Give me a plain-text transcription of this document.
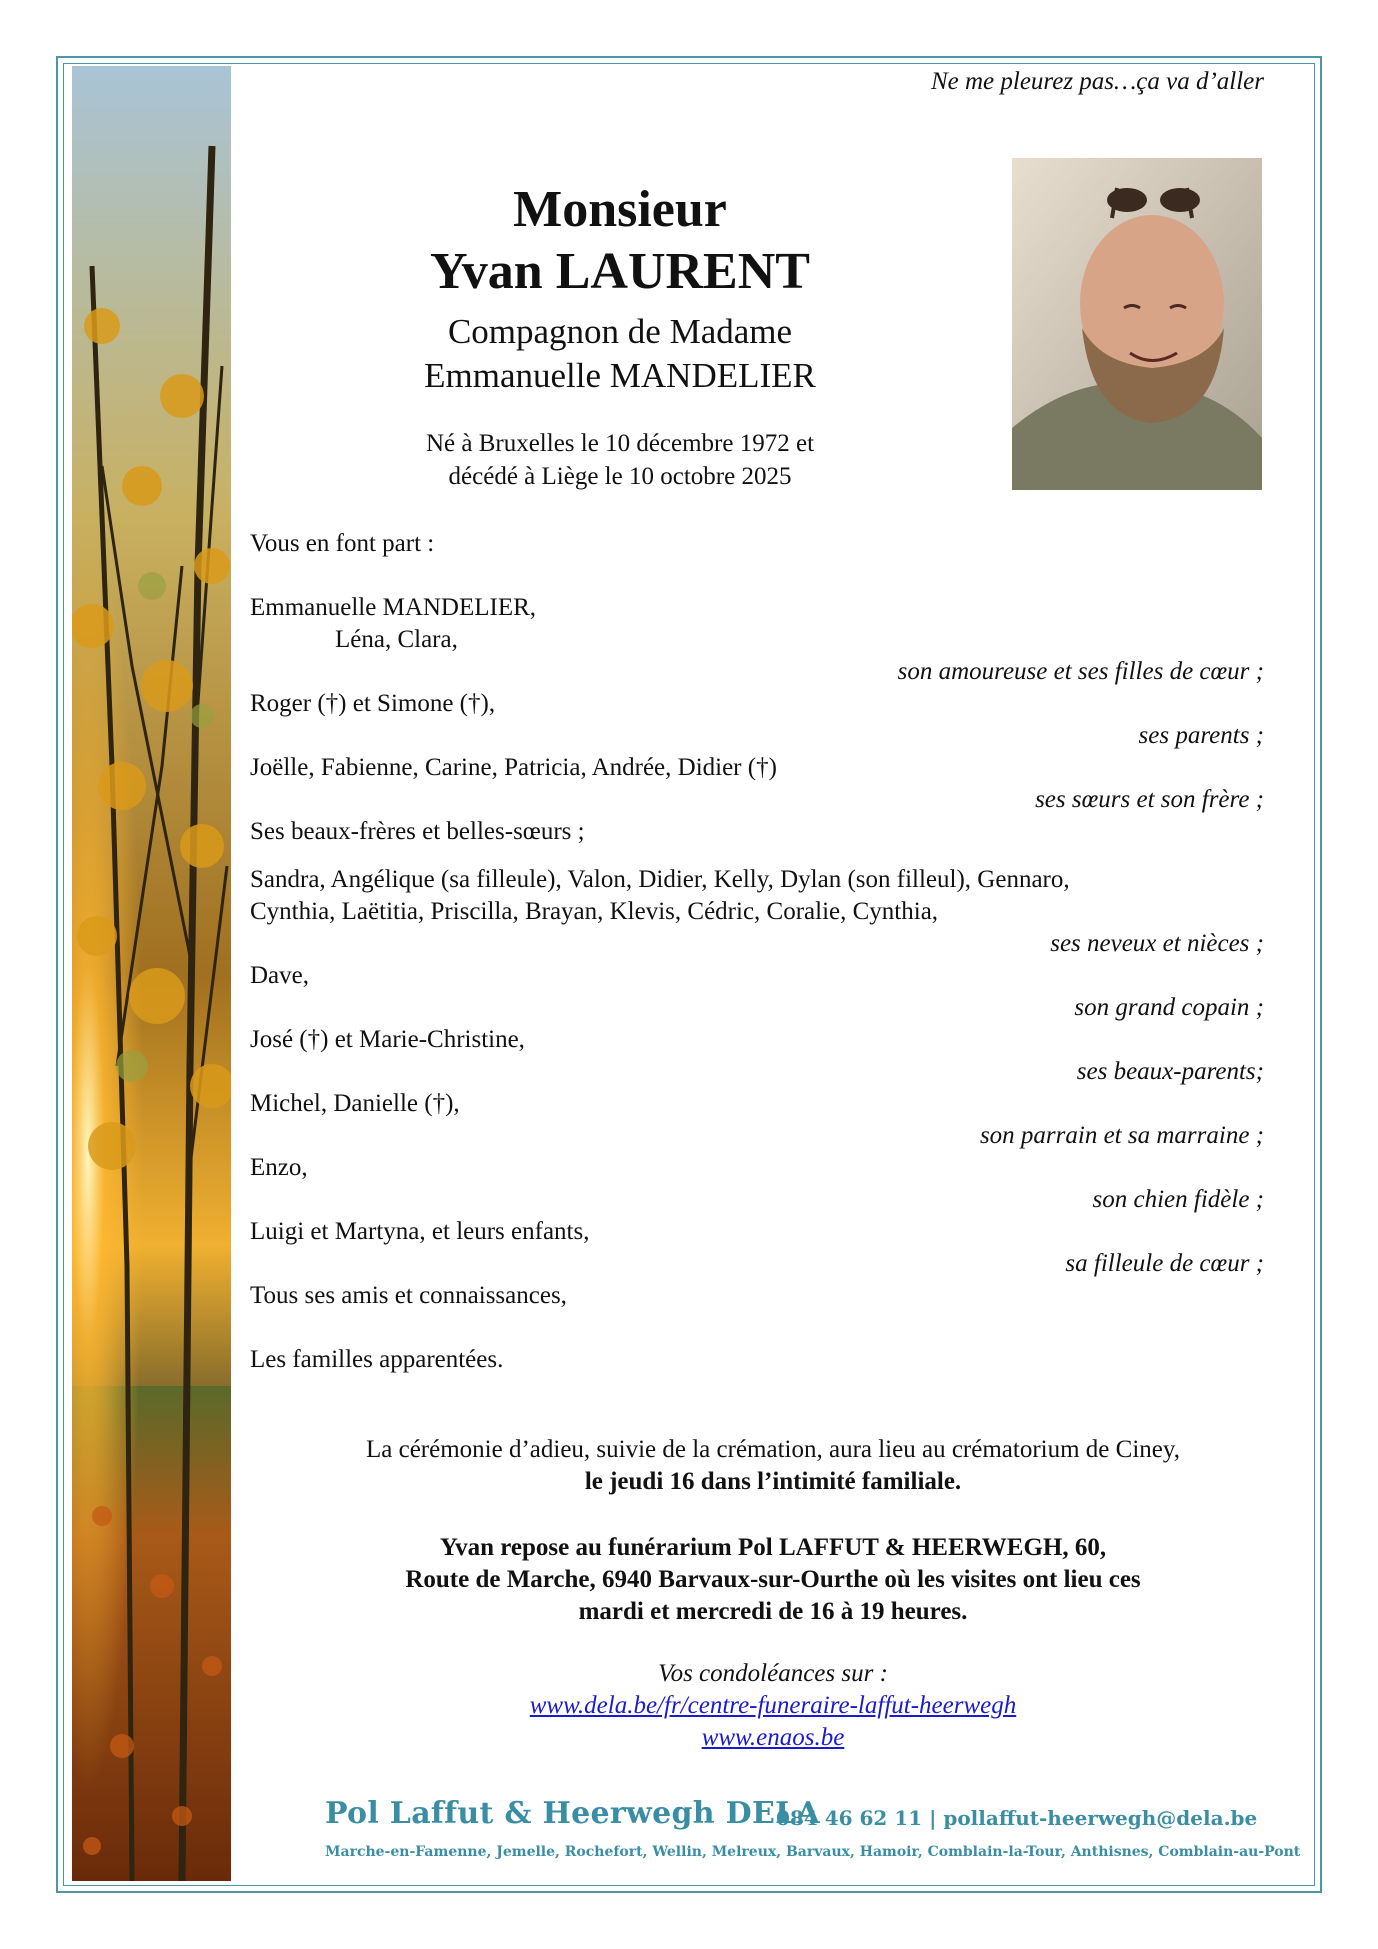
Ne me pleurez pas…ça va d’aller
Monsieur
Yvan LAURENT
Compagnon de Madame
Emmanuelle MANDELIER
Né à Bruxelles le 10 décembre 1972 et
décédé à Liège le 10 octobre 2025
Vous en font part :
Emmanuelle MANDELIER,
Léna, Clara,
son amoureuse et ses filles de cœur ;
Roger (†) et Simone (†),
ses parents ;
Joëlle, Fabienne, Carine, Patricia, Andrée, Didier (†)
ses sœurs et son frère ;
Ses beaux-frères et belles-sœurs ;
Sandra, Angélique (sa filleule), Valon, Didier, Kelly, Dylan (son filleul), Gennaro,
Cynthia, Laëtitia, Priscilla, Brayan, Klevis, Cédric, Coralie, Cynthia,
ses neveux et nièces ;
Dave,
son grand copain ;
José (†) et Marie-Christine,
ses beaux-parents;
Michel, Danielle (†),
son parrain et sa marraine ;
Enzo,
son chien fidèle ;
Luigi et Martyna, et leurs enfants,
sa filleule de cœur ;
Tous ses amis et connaissances,
Les familles apparentées.
La cérémonie d’adieu, suivie de la crémation, aura lieu au crématorium de Ciney,
le jeudi 16 dans l’intimité familiale.
Yvan repose au funérarium Pol LAFFUT & HEERWEGH, 60,
Route de Marche, 6940 Barvaux-sur-Ourthe où les visites ont lieu ces
mardi et mercredi de 16 à 19 heures.
Vos condoléances sur :
www.dela.be/fr/centre-funeraire-laffut-heerwegh
www.enaos.be
Pol Laffut & Heerwegh DELA
084 46 62 11 | pollaffut-heerwegh@dela.be
Marche-en-Famenne, Jemelle, Rochefort, Wellin, Melreux, Barvaux, Hamoir, Comblain-la-Tour, Anthisnes, Comblain-au-Pont
